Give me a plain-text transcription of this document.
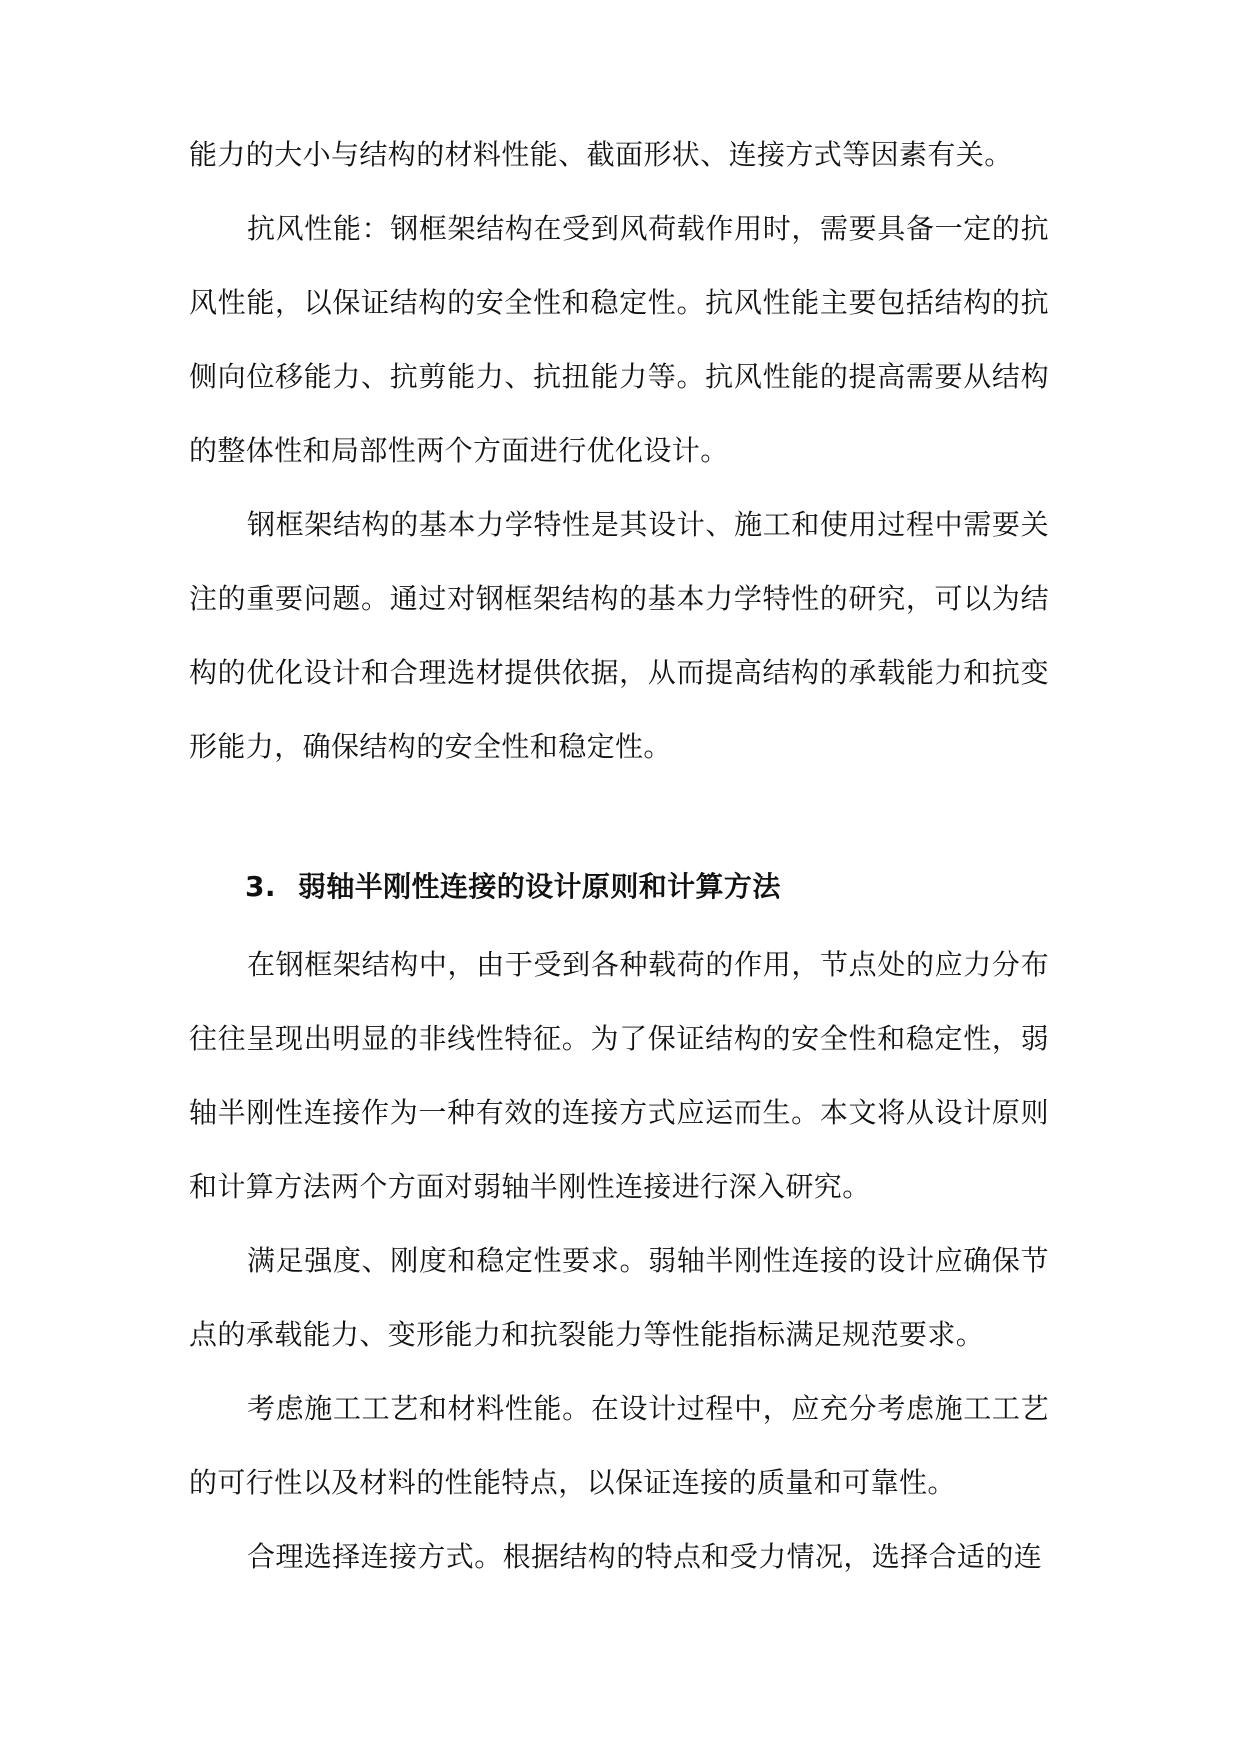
能力的大小与结构的材料性能、截面形状、连接方式等因素有关。

抗风性能：钢框架结构在受到风荷载作用时，需要具备一定的抗风性能，以保证结构的安全性和稳定性。抗风性能主要包括结构的抗侧向位移能力、抗剪能力、抗扭能力等。抗风性能的提高需要从结构的整体性和局部性两个方面进行优化设计。

钢框架结构的基本力学特性是其设计、施工和使用过程中需要关注的重要问题。通过对钢框架结构的基本力学特性的研究，可以为结构的优化设计和合理选材提供依据，从而提高结构的承载能力和抗变形能力，确保结构的安全性和稳定性。

3. 弱轴半刚性连接的设计原则和计算方法

在钢框架结构中，由于受到各种载荷的作用，节点处的应力分布往往呈现出明显的非线性特征。为了保证结构的安全性和稳定性，弱轴半刚性连接作为一种有效的连接方式应运而生。本文将从设计原则和计算方法两个方面对弱轴半刚性连接进行深入研究。

满足强度、刚度和稳定性要求。弱轴半刚性连接的设计应确保节点的承载能力、变形能力和抗裂能力等性能指标满足规范要求。

考虑施工工艺和材料性能。在设计过程中，应充分考虑施工工艺的可行性以及材料的性能特点，以保证连接的质量和可靠性。

合理选择连接方式。根据结构的特点和受力情况，选择合适的连
